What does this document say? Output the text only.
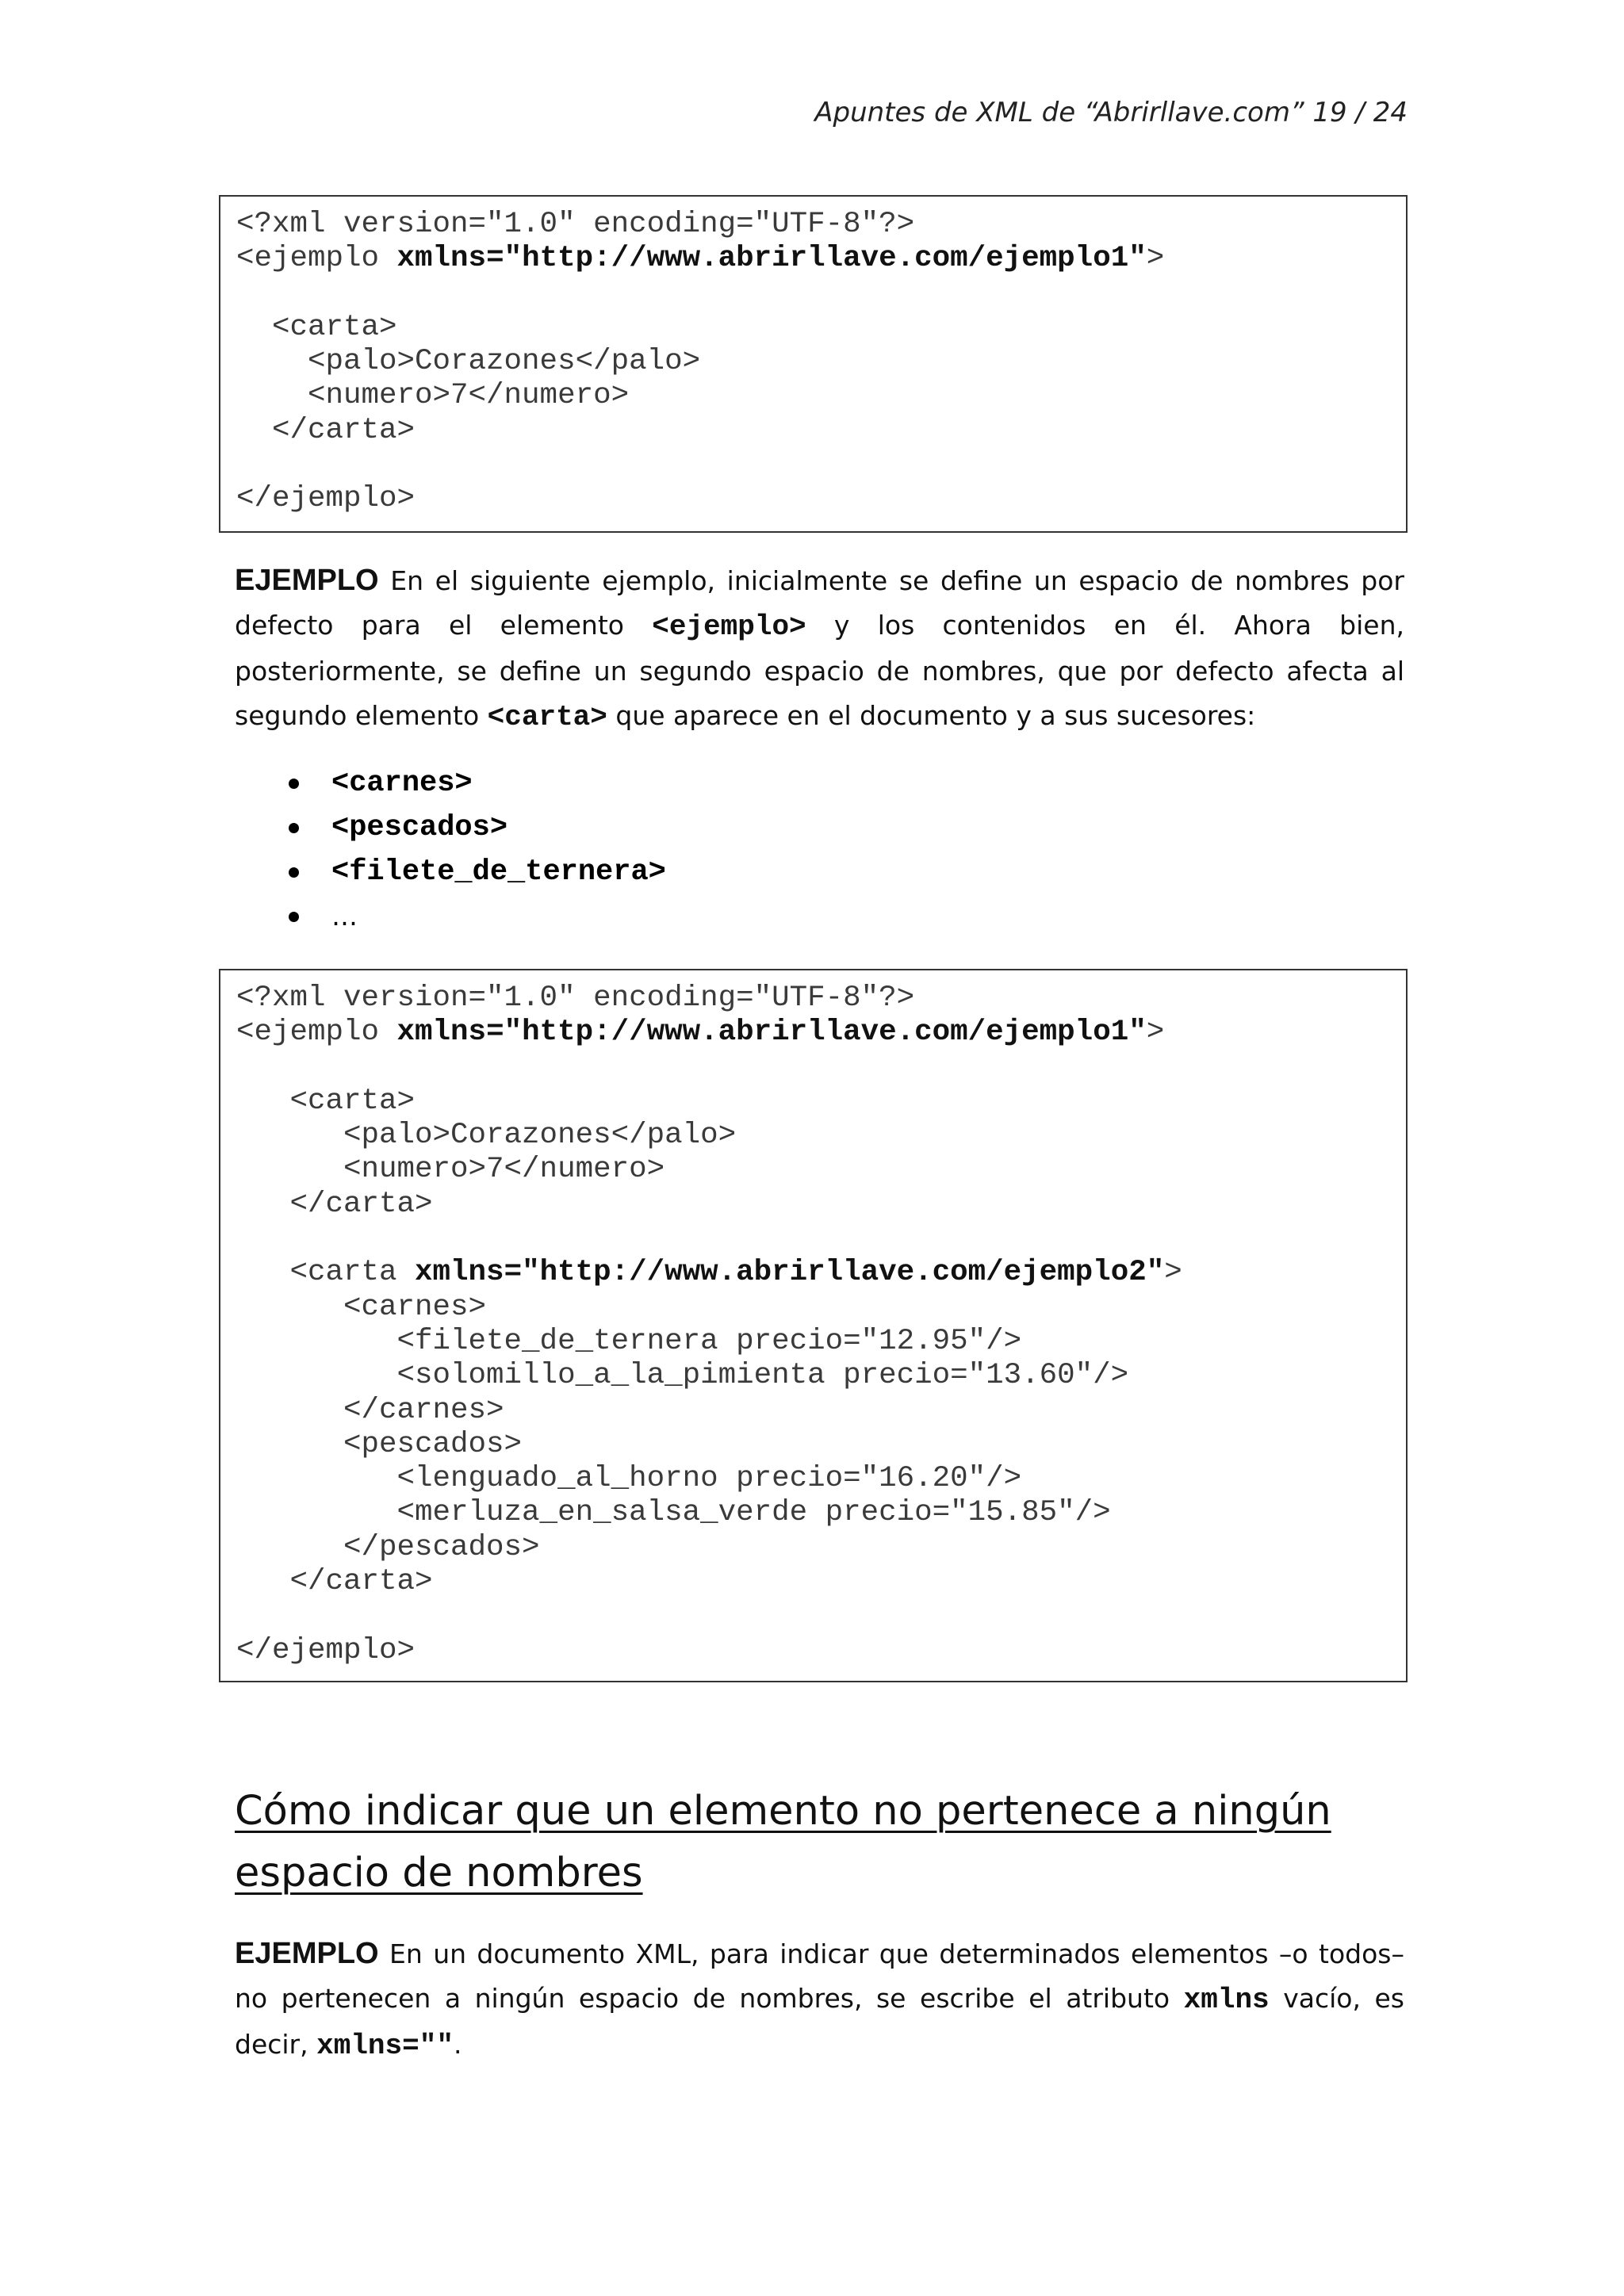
Apuntes de XML de “Abrirllave.com” 19 / 24
<?xml version="1.0" encoding="UTF-8"?>
<ejemplo xmlns="http://www.abrirllave.com/ejemplo1">
<carta>
<palo>Corazones</palo>
<numero>7</numero>
</carta>
</ejemplo>
EJEMPLO En el siguiente ejemplo, inicialmente se define un espacio de nombres por defecto para el elemento <ejemplo> y los contenidos en él. Ahora bien, posteriormente, se define un segundo espacio de nombres, que por defecto afecta al segundo elemento <carta> que aparece en el documento y a sus sucesores:
<carnes>
<pescados>
<filete_de_ternera>
…
<?xml version="1.0" encoding="UTF-8"?>
<ejemplo xmlns="http://www.abrirllave.com/ejemplo1">
<carta>
<palo>Corazones</palo>
<numero>7</numero>
</carta>
<carta xmlns="http://www.abrirllave.com/ejemplo2">
<carnes>
<filete_de_ternera precio="12.95"/>
<solomillo_a_la_pimienta precio="13.60"/>
</carnes>
<pescados>
<lenguado_al_horno precio="16.20"/>
<merluza_en_salsa_verde precio="15.85"/>
</pescados>
</carta>
</ejemplo>
Cómo indicar que un elemento no pertenece a ningún espacio de nombres
EJEMPLO En un documento XML, para indicar que determinados elementos –o todos– no pertenecen a ningún espacio de nombres, se escribe el atributo xmlns vacío, es decir, xmlns="".
